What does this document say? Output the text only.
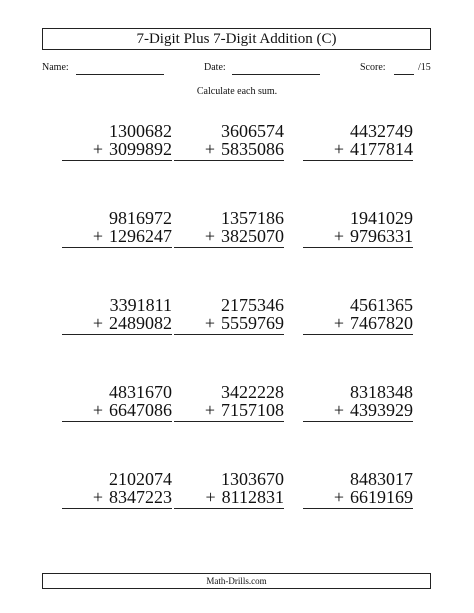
7-Digit Plus 7-Digit Addition (C)
Name:	Date:	Score:	/15
Calculate each sum.
1300682
+ 3099892
3606574
+ 5835086
4432749
+ 4177814
9816972
+ 1296247
1357186
+ 3825070
1941029
+ 9796331
3391811
+ 2489082
2175346
+ 5559769
4561365
+ 7467820
4831670
+ 6647086
3422228
+ 7157108
8318348
+ 4393929
2102074
+ 8347223
1303670
+ 8112831
8483017
+ 6619169
Math-Drills.com
